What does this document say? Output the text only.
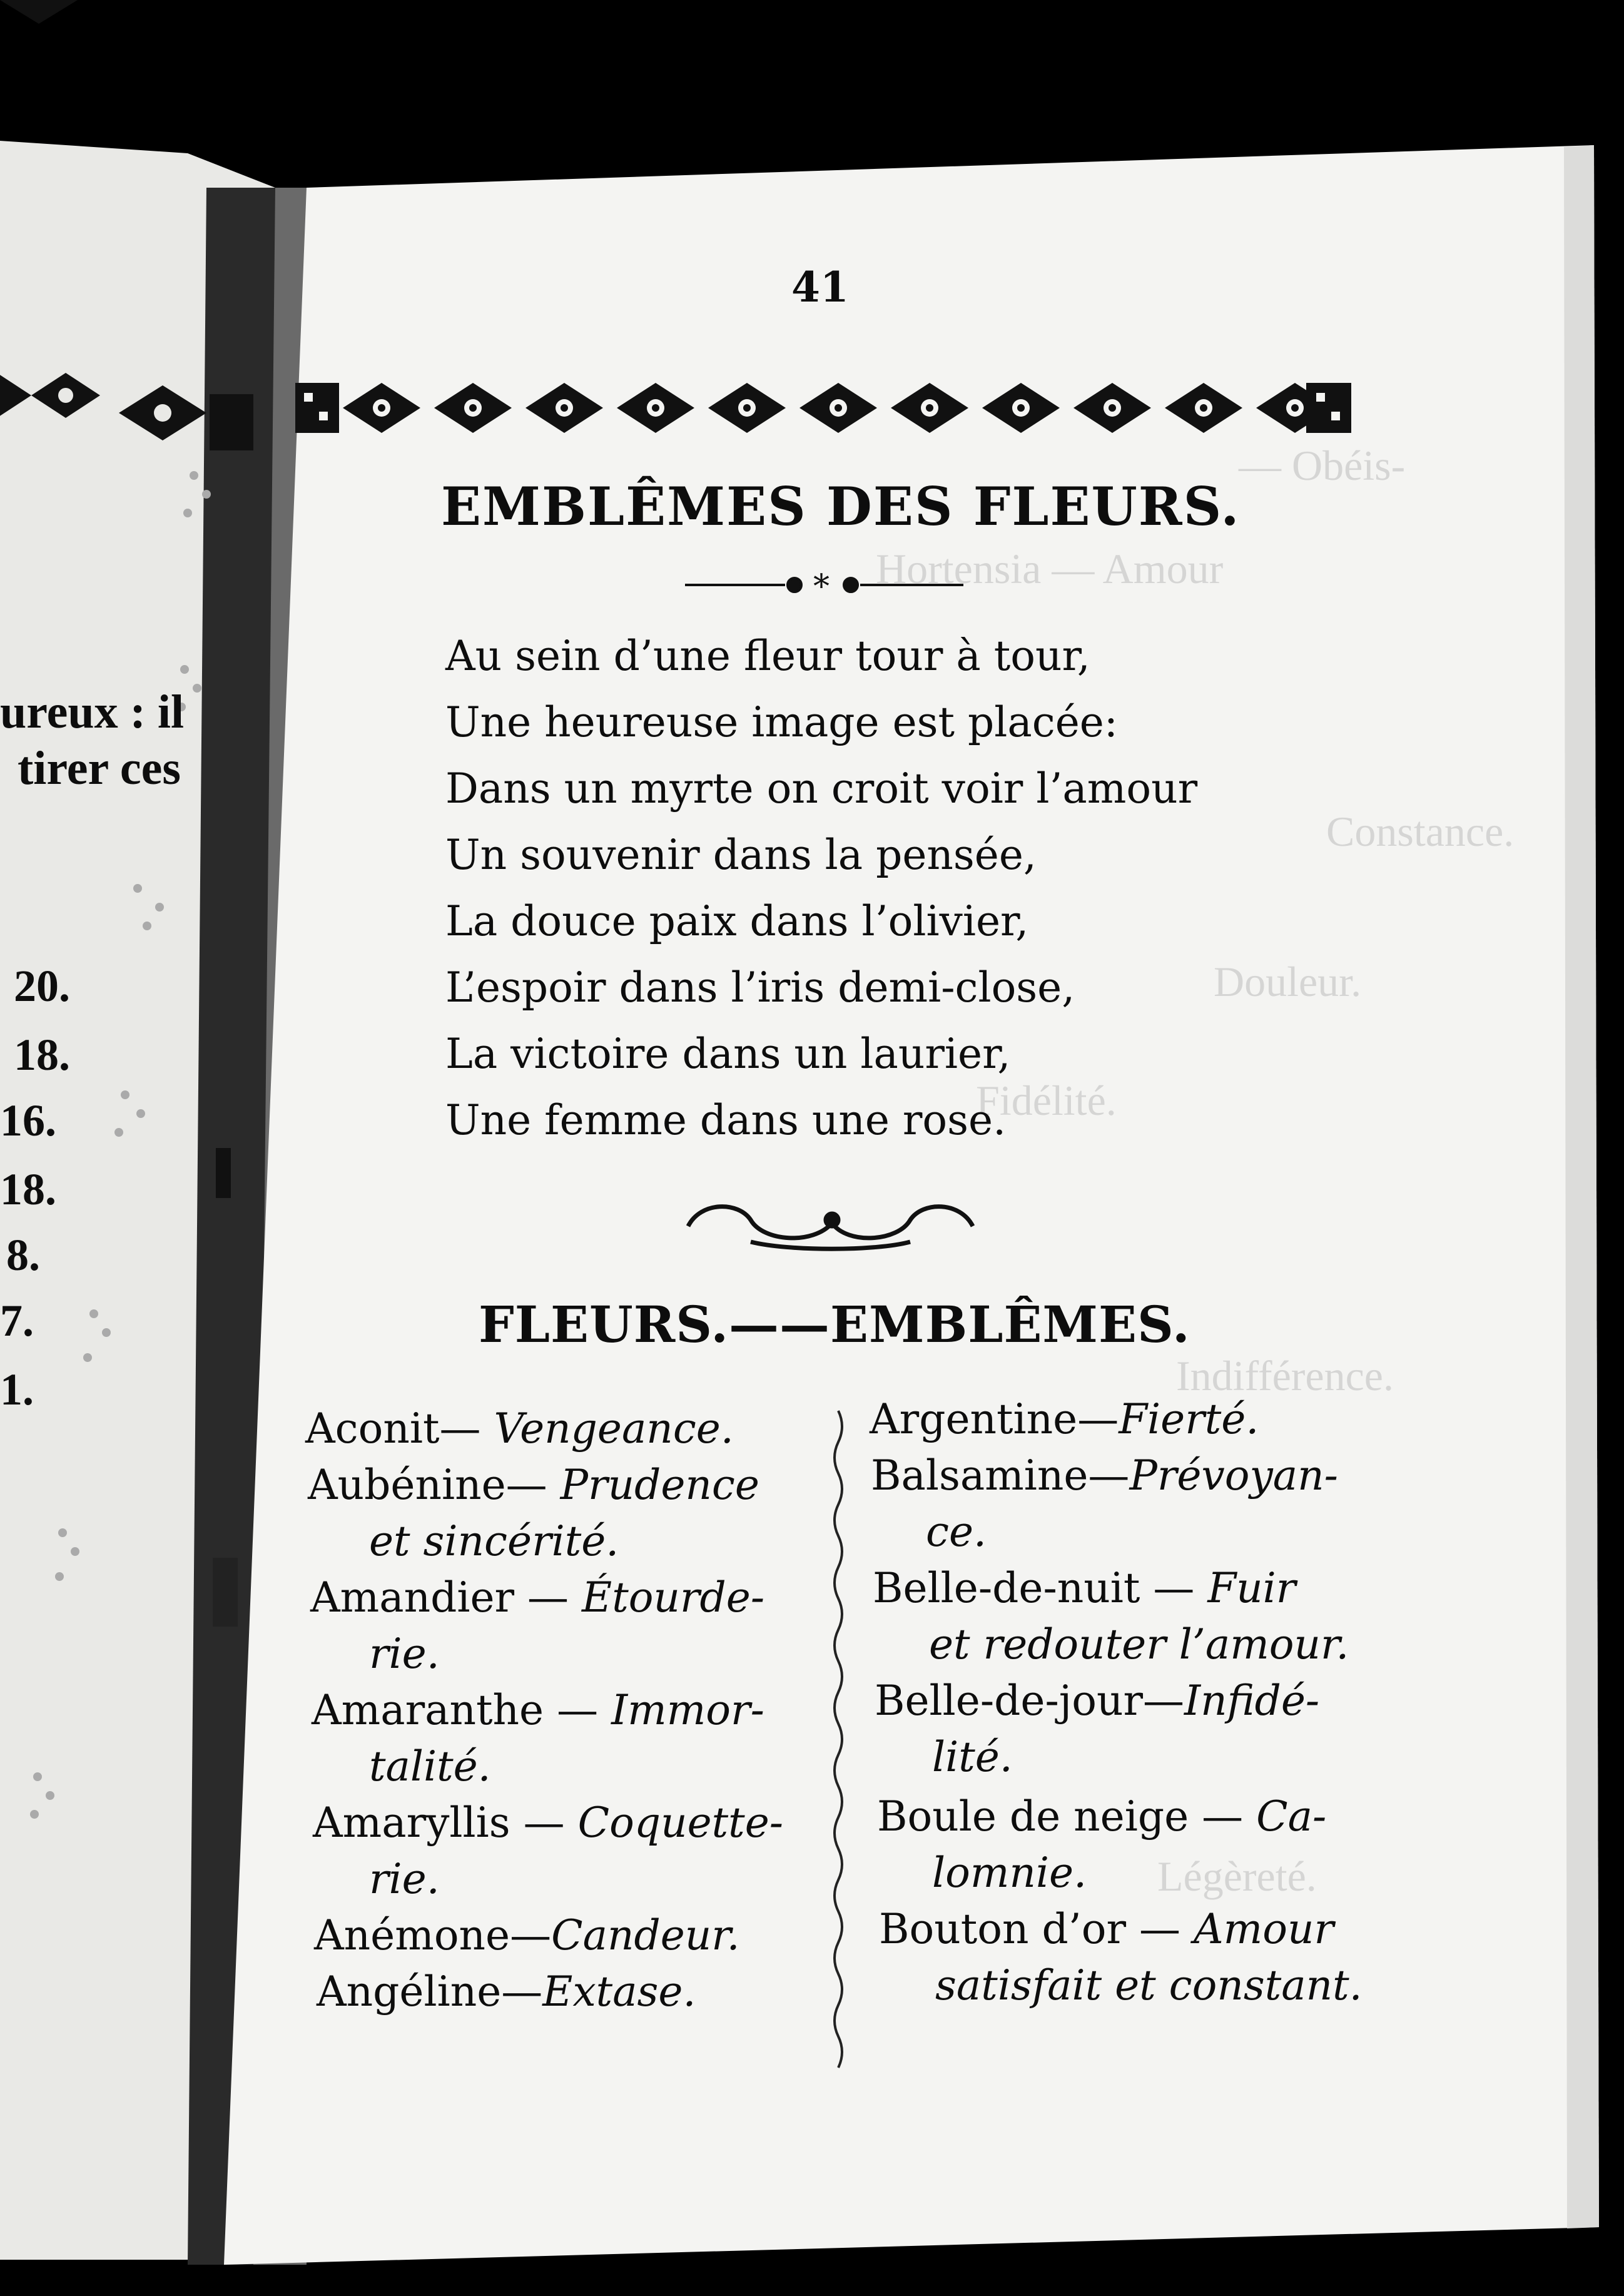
*
— Obéis-
Hortensia — Amour
Constance.
Douleur.
Fidélité.
Indifférence.
Légèreté.
ureux : il
tirer ces
20.
18.
16.
18.
8.
7.
1.
41
EMBLÊMES DES FLEURS.
Au sein d’une fleur tour à tour,
Une heureuse image est placée:
Dans un myrte on croit voir l’amour
Un souvenir dans la pensée,
La douce paix dans l’olivier,
L’espoir dans l’iris demi-close,
La victoire dans un laurier,
Une femme dans une rose.
FLEURS.——EMBLÊMES.
Aconit— Vengeance.
Aubénine— Prudence
et sincérité.
Amandier — Étourde-
rie.
Amaranthe — Immor-
talité.
Amaryllis — Coquette-
rie.
Anémone—Candeur.
Angéline—Extase.
Argentine—Fierté.
Balsamine—Prévoyan-
ce.
Belle-de-nuit — Fuir
et redouter l’amour.
Belle-de-jour—Infidé-
lité.
Boule de neige — Ca-
lomnie.
Bouton d’or — Amour
satisfait et constant.
